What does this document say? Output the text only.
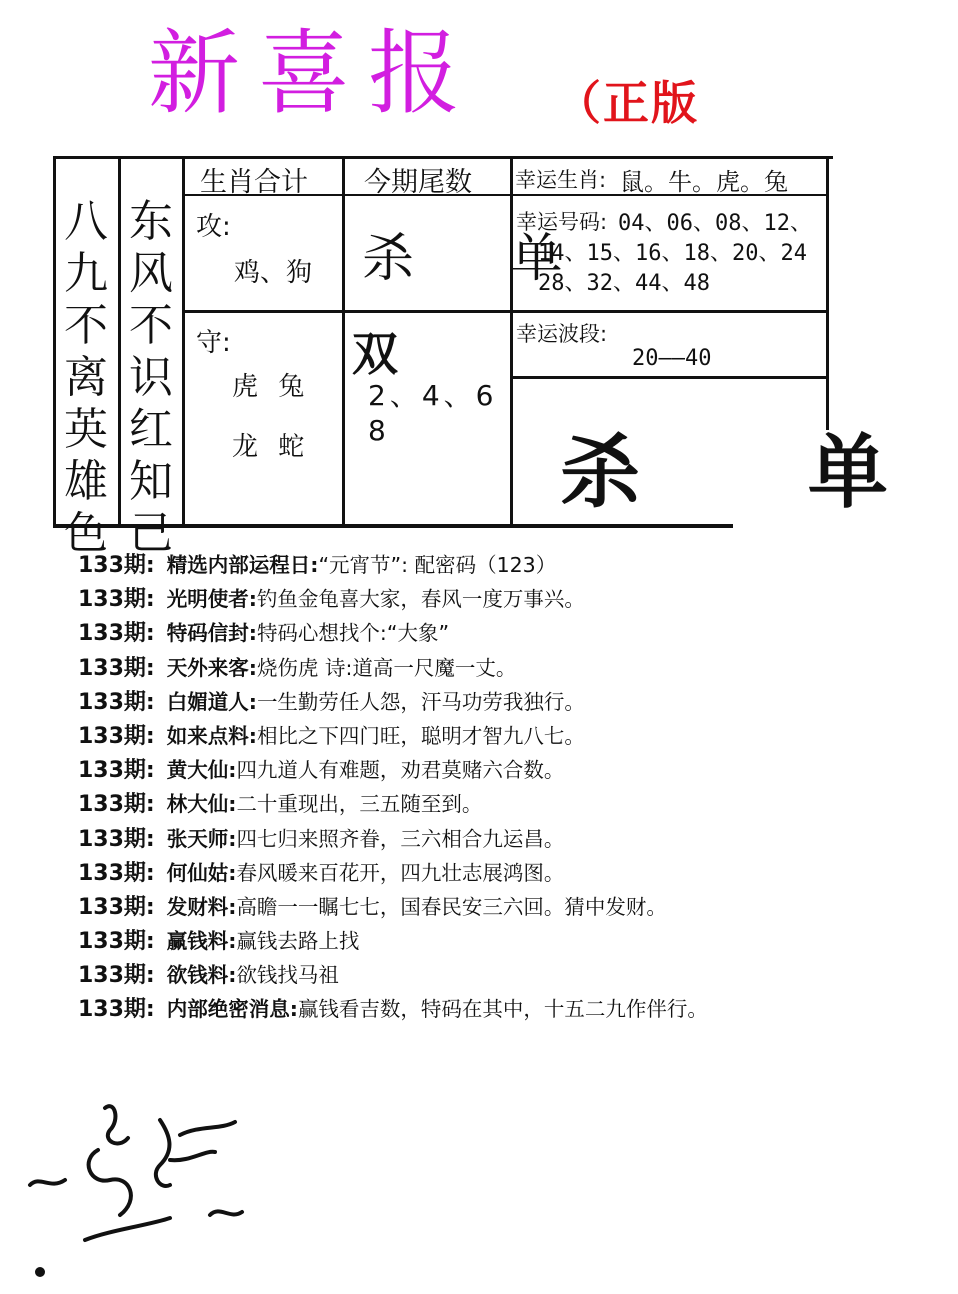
新喜报 （正版
八九不离英雄色
东风不识红知己
生肖合计 今期尾数 幸运生肖: 鼠。牛。虎。兔
攻:
鸡、狗
守:
虎 兔
龙 蛇
杀 单
双
2、4、6
8
幸运号码: 04、06、08、12、
14、15、16、18、20、24
28、32、44、48
幸运波段:
20——40
杀 单
133期: 精选内部运程日:“元宵节”: 配密码（123）
133期: 光明使者:钓鱼金龟喜大家，春风一度万事兴。
133期: 特码信封:特码心想找个:“大象”
133期: 天外来客:烧伤虎 诗:道高一尺魔一丈。
133期: 白媚道人:一生勤劳任人怨，汗马功劳我独行。
133期: 如来点料:相比之下四门旺，聪明才智九八七。
133期: 黄大仙:四九道人有难题，劝君莫赌六合数。
133期: 林大仙:二十重现出，三五随至到。
133期: 张天师:四七归来照齐眷，三六相合九运昌。
133期: 何仙姑:春风暖来百花开，四九壮志展鸿图。
133期: 发财料:高瞻一一瞩七七，国春民安三六回。猜中发财。
133期: 赢钱料:赢钱去路上找
133期: 欲钱料:欲钱找马祖
133期: 内部绝密消息:赢钱看吉数，特码在其中，十五二九作伴行。
